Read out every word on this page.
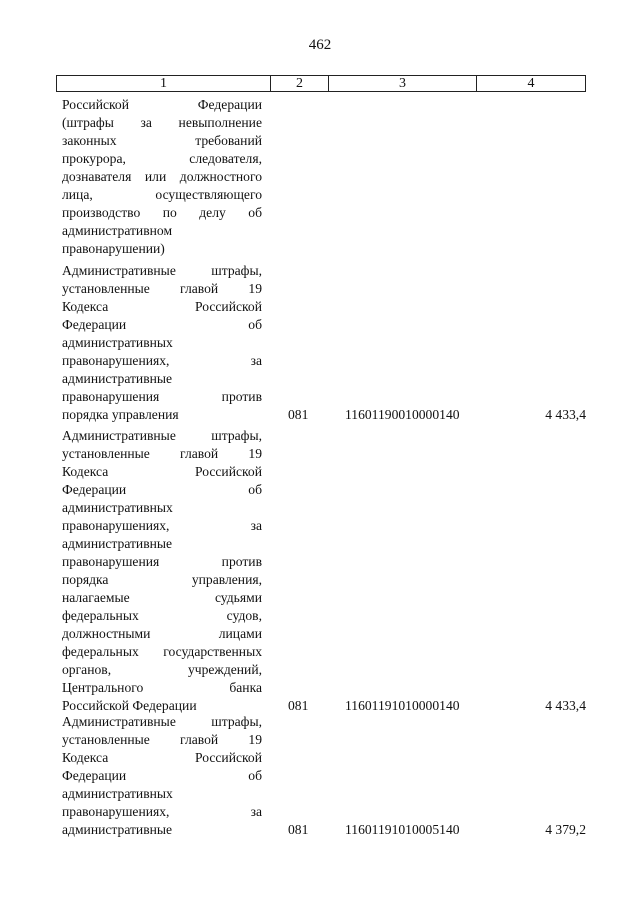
462
1	2	3	4
Российской Федерации
(штрафы за невыполнение
законных требований
прокурора, следователя,
дознавателя или должностного
лица, осуществляющего
производство по делу об
административном
правонарушении)
Административные штрафы,
установленные главой 19
Кодекса Российской
Федерации об
административных
правонарушениях, за
административные
правонарушения против
порядка управления	081	11601190010000140	4 433,4
Административные штрафы,
установленные главой 19
Кодекса Российской
Федерации об
административных
правонарушениях, за
административные
правонарушения против
порядка управления,
налагаемые судьями
федеральных судов,
должностными лицами
федеральных государственных
органов, учреждений,
Центрального банка
Российской Федерации	081	11601191010000140	4 433,4
Административные штрафы,
установленные главой 19
Кодекса Российской
Федерации об
административных
правонарушениях, за
административные	081	11601191010005140	4 379,2
